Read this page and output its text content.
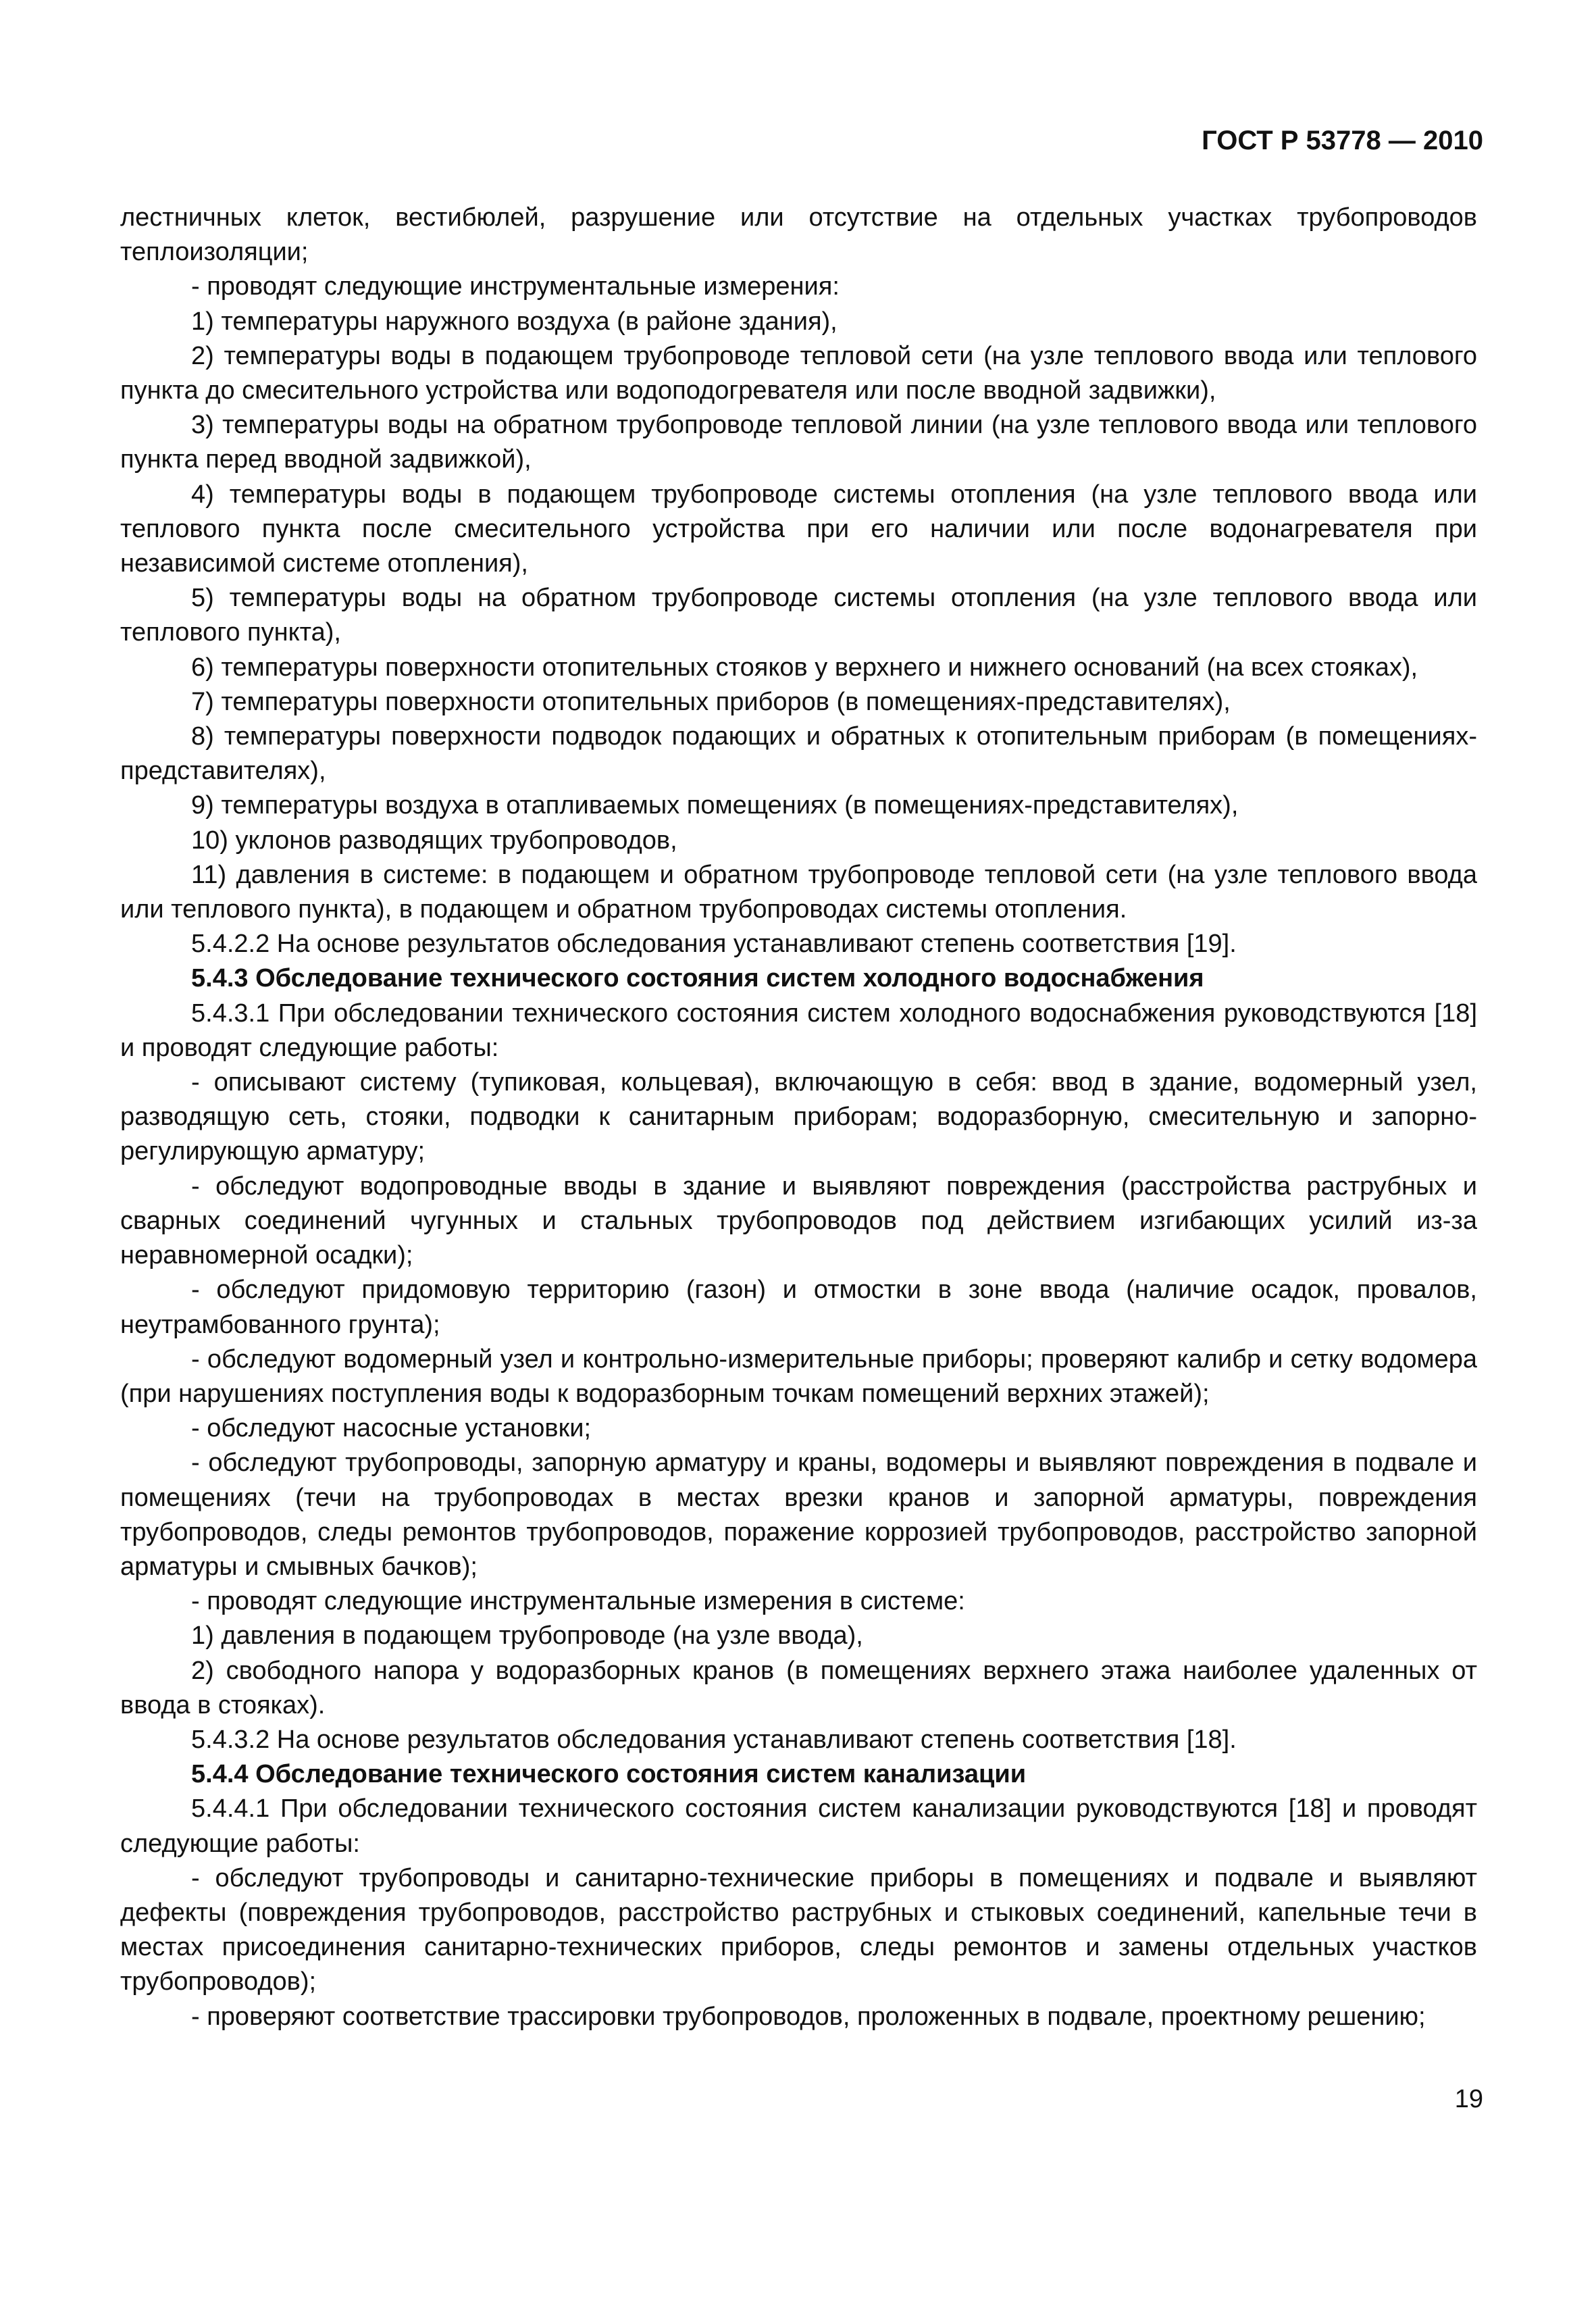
ГОСТ Р 53778 — 2010

лестничных клеток, вестибюлей, разрушение или отсутствие на отдельных участках трубопроводов теплоизоляции;

- проводят следующие инструментальные измерения:

1) температуры наружного воздуха (в районе здания),

2) температуры воды в подающем трубопроводе тепловой сети (на узле теплового ввода или теплового пункта до смесительного устройства или водоподогревателя или после вводной задвижки),

3) температуры воды на обратном трубопроводе тепловой линии (на узле теплового ввода или теплового пункта перед вводной задвижкой),

4) температуры воды в подающем трубопроводе системы отопления (на узле теплового ввода или теплового пункта после смесительного устройства при его наличии или после водонагревателя при независимой системе отопления),

5) температуры воды на обратном трубопроводе системы отопления (на узле теплового ввода или теплового пункта),

6) температуры поверхности отопительных стояков у верхнего и нижнего оснований (на всех стояках),

7) температуры поверхности отопительных приборов (в помещениях-представителях),

8) температуры поверхности подводок подающих и обратных к отопительным приборам (в помещениях-представителях),

9) температуры воздуха в отапливаемых помещениях (в помещениях-представителях),

10) уклонов разводящих трубопроводов,

11) давления в системе: в подающем и обратном трубопроводе тепловой сети (на узле теплового ввода или теплового пункта), в подающем и обратном трубопроводах системы отопления.

5.4.2.2 На основе результатов обследования устанавливают степень соответствия [19].

5.4.3 Обследование технического состояния систем холодного водоснабжения

5.4.3.1 При обследовании технического состояния систем холодного водоснабжения руководствуются [18] и проводят следующие работы:

- описывают систему (тупиковая, кольцевая), включающую в себя: ввод в здание, водомерный узел, разводящую сеть, стояки, подводки к санитарным приборам; водоразборную, смесительную и запорно-регулирующую арматуру;

- обследуют водопроводные вводы в здание и выявляют повреждения (расстройства раструбных и сварных соединений чугунных и стальных трубопроводов под действием изгибающих усилий из-за неравномерной осадки);

- обследуют придомовую территорию (газон) и отмостки в зоне ввода (наличие осадок, провалов, неутрамбованного грунта);

- обследуют водомерный узел и контрольно-измерительные приборы; проверяют калибр и сетку водомера (при нарушениях поступления воды к водоразборным точкам помещений верхних этажей);

- обследуют насосные установки;

- обследуют трубопроводы, запорную арматуру и краны, водомеры и выявляют повреждения в подвале и помещениях (течи на трубопроводах в местах врезки кранов и запорной арматуры, повреждения трубопроводов, следы ремонтов трубопроводов, поражение коррозией трубопроводов, расстройство запорной арматуры и смывных бачков);

- проводят следующие инструментальные измерения в системе:

1) давления в подающем трубопроводе (на узле ввода),

2) свободного напора у водоразборных кранов (в помещениях верхнего этажа наиболее удаленных от ввода в стояках).

5.4.3.2 На основе результатов обследования устанавливают степень соответствия [18].

5.4.4 Обследование технического состояния систем канализации

5.4.4.1 При обследовании технического состояния систем канализации руководствуются [18] и проводят следующие работы:

- обследуют трубопроводы и санитарно-технические приборы в помещениях и подвале и выявляют дефекты (повреждения трубопроводов, расстройство раструбных и стыковых соединений, капельные течи в местах присоединения санитарно-технических приборов, следы ремонтов и замены отдельных участков трубопроводов);

- проверяют соответствие трассировки трубопроводов, проложенных в подвале, проектному решению;

19
